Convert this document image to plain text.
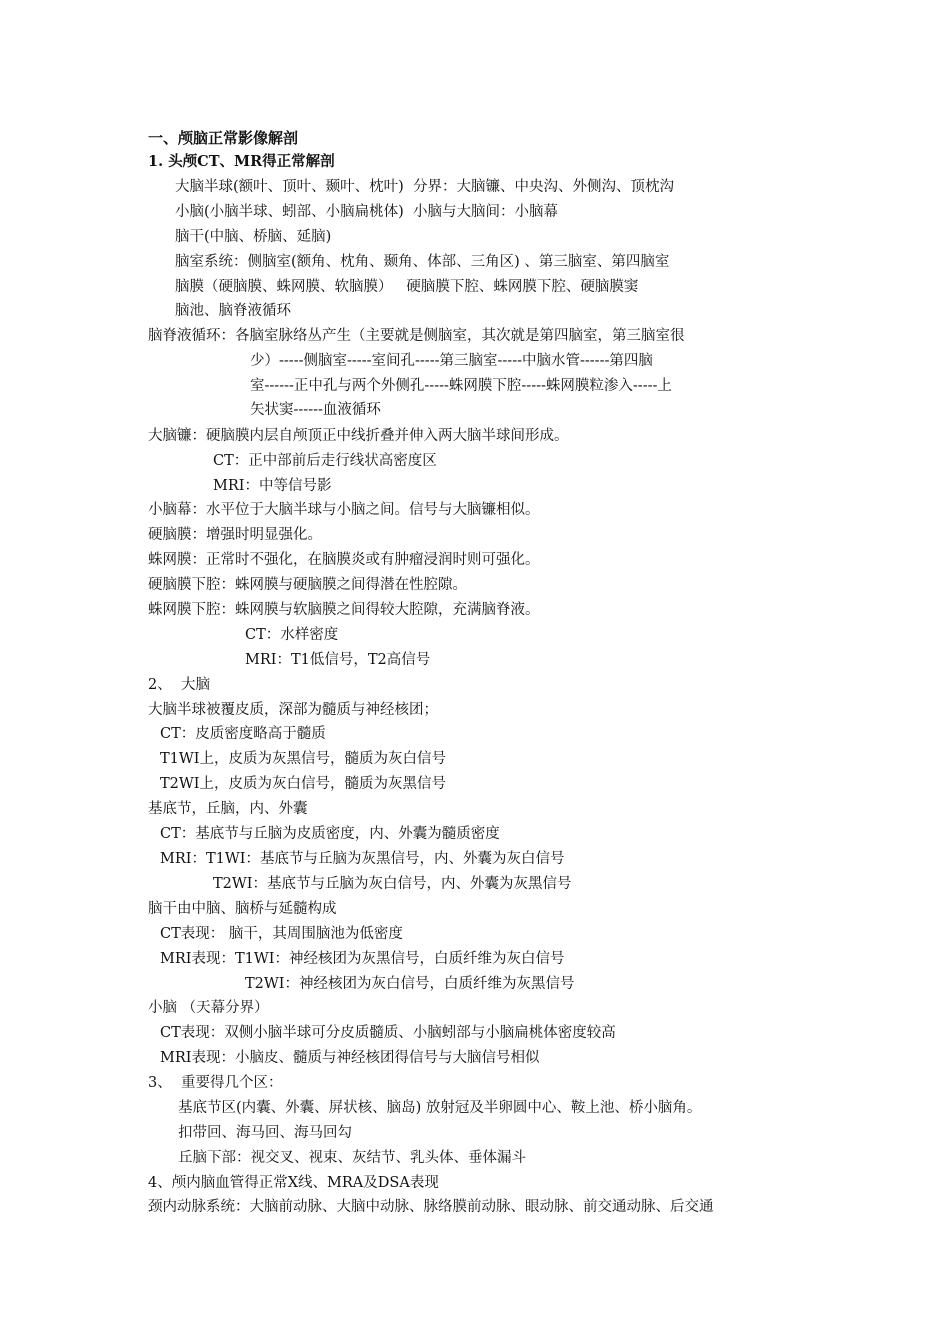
一、颅脑正常影像解剖
1. 头颅CT、MR得正常解剖
大脑半球(额叶、顶叶、颞叶、枕叶)  分界：大脑镰、中央沟、外侧沟、顶枕沟
小脑(小脑半球、蚓部、小脑扁桃体)  小脑与大脑间：小脑幕
脑干(中脑、桥脑、延脑)
脑室系统：侧脑室(额角、枕角、颞角、体部、三角区) 、第三脑室、第四脑室
脑膜（硬脑膜、蛛网膜、软脑膜）   硬脑膜下腔、蛛网膜下腔、硬脑膜窦
脑池、脑脊液循环
脑脊液循环：各脑室脉络丛产生（主要就是侧脑室，其次就是第四脑室，第三脑室很
少）-----侧脑室-----室间孔-----第三脑室-----中脑水管------第四脑
室------正中孔与两个外侧孔-----蛛网膜下腔-----蛛网膜粒渗入-----上
矢状窦------血液循环
大脑镰：硬脑膜内层自颅顶正中线折叠并伸入两大脑半球间形成。
CT：正中部前后走行线状高密度区
MRI：中等信号影
小脑幕：水平位于大脑半球与小脑之间。信号与大脑镰相似。
硬脑膜：增强时明显强化。
蛛网膜：正常时不强化，在脑膜炎或有肿瘤浸润时则可强化。
硬脑膜下腔：蛛网膜与硬脑膜之间得潜在性腔隙。
蛛网膜下腔：蛛网膜与软脑膜之间得较大腔隙，充满脑脊液。
CT：水样密度
MRI：T1低信号，T2高信号
2、  大脑
大脑半球被覆皮质，深部为髓质与神经核团；
CT：皮质密度略高于髓质
T1WI上，皮质为灰黑信号，髓质为灰白信号
T2WI上，皮质为灰白信号，髓质为灰黑信号
基底节，丘脑，内、外囊
CT：基底节与丘脑为皮质密度，内、外囊为髓质密度
MRI：T1WI：基底节与丘脑为灰黑信号，内、外囊为灰白信号
T2WI：基底节与丘脑为灰白信号，内、外囊为灰黑信号
脑干由中脑、脑桥与延髓构成
CT表现： 脑干，其周围脑池为低密度
MRI表现：T1WI：神经核团为灰黑信号，白质纤维为灰白信号
T2WI：神经核团为灰白信号，白质纤维为灰黑信号
小脑 （天幕分界）
CT表现：双侧小脑半球可分皮质髓质、小脑蚓部与小脑扁桃体密度较高
MRI表现：小脑皮、髓质与神经核团得信号与大脑信号相似
3、  重要得几个区：
基底节区(内囊、外囊、屏状核、脑岛) 放射冠及半卵圆中心、鞍上池、桥小脑角。
扣带回、海马回、海马回勾
丘脑下部：视交叉、视束、灰结节、乳头体、垂体漏斗
4、颅内脑血管得正常X线、MRA及DSA表现
颈内动脉系统：大脑前动脉、大脑中动脉、脉络膜前动脉、眼动脉、前交通动脉、后交通
